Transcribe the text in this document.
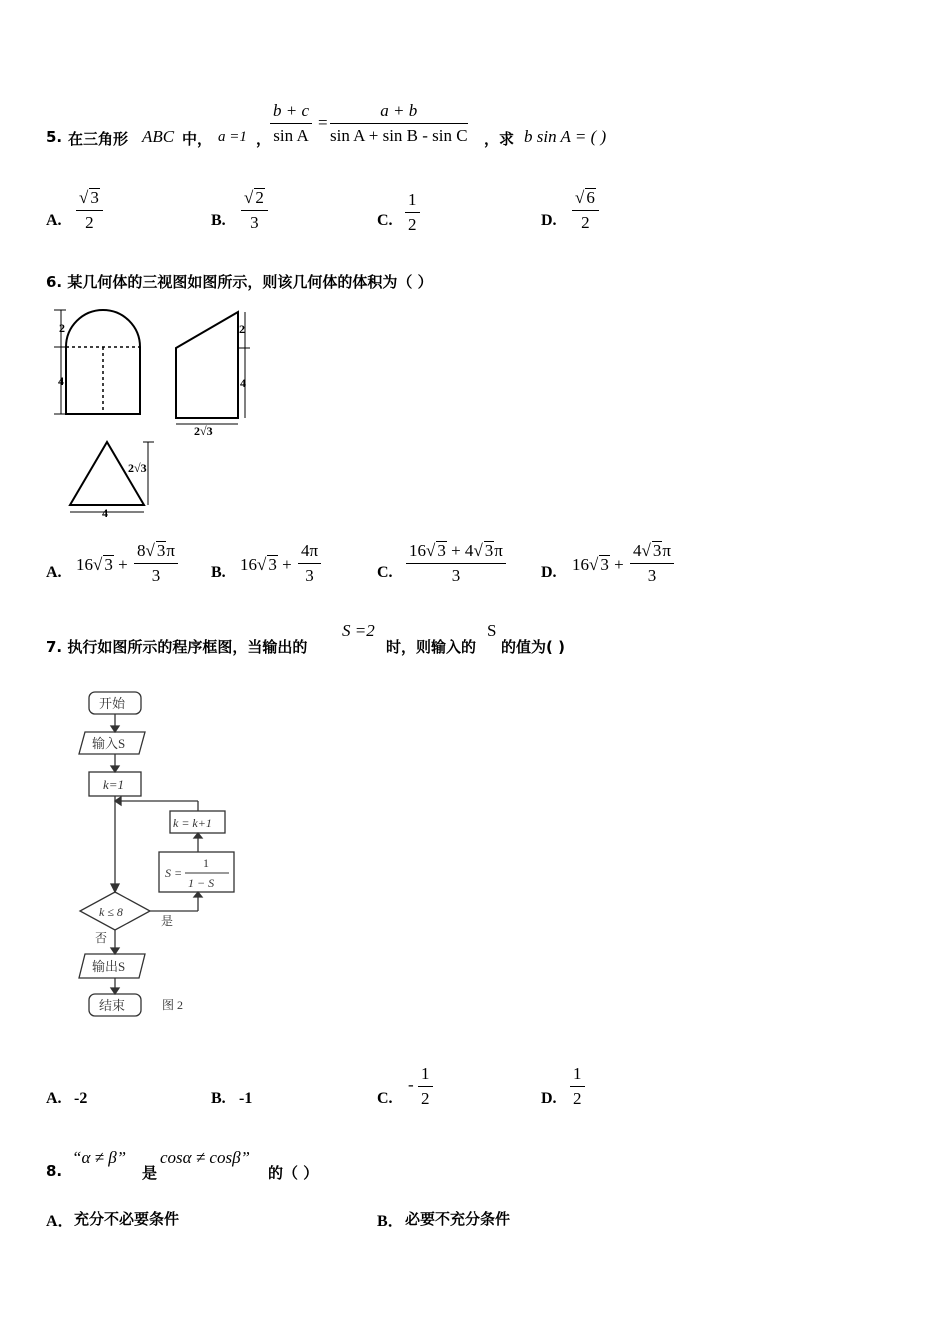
5. 在三角形 ABC 中， a =1 ，
$\frac{b + c}{\text{sin A}} = \frac{a + b}{\text{sin A + sin B - sin C}}$ ，求 b sin A = ( )
A. $\frac{√ 3}{2}$	B. $\frac{√ 2}{3}$	C. $\frac{1}{2}$	D. $\frac{√ 6}{2}$
6. 某几何体的三视图如图所示，则该几何体的体积为（ ）
2
4
2
4
2√3
2√3
4
A. 16√ $3 + \frac{8√ 3\pi}{3} B$. 16√ $3 + \frac{4\pi}{3}$	C. $\frac{16√ 3 + 4√ 3\pi}{3} D$. 16√ $3 + \frac{4√ 3\pi}{3}$
7. 执行如图所示的程序框图，当输出的
S =2
时，则输入的
S
的值为( )
开始
输入S
k=1
k = k+1
S =
1
1 − S
k ≤ 8
是
否
输出S
结束	图 2
A. -2	B. -1	C.
- $\frac{1}{2}$	D. $\frac{1}{2}$
8.
“α ≠ β”
是
cosα ≠ cosβ”
的（ ）
A． 充分不必要条件	B． 必要不充分条件
